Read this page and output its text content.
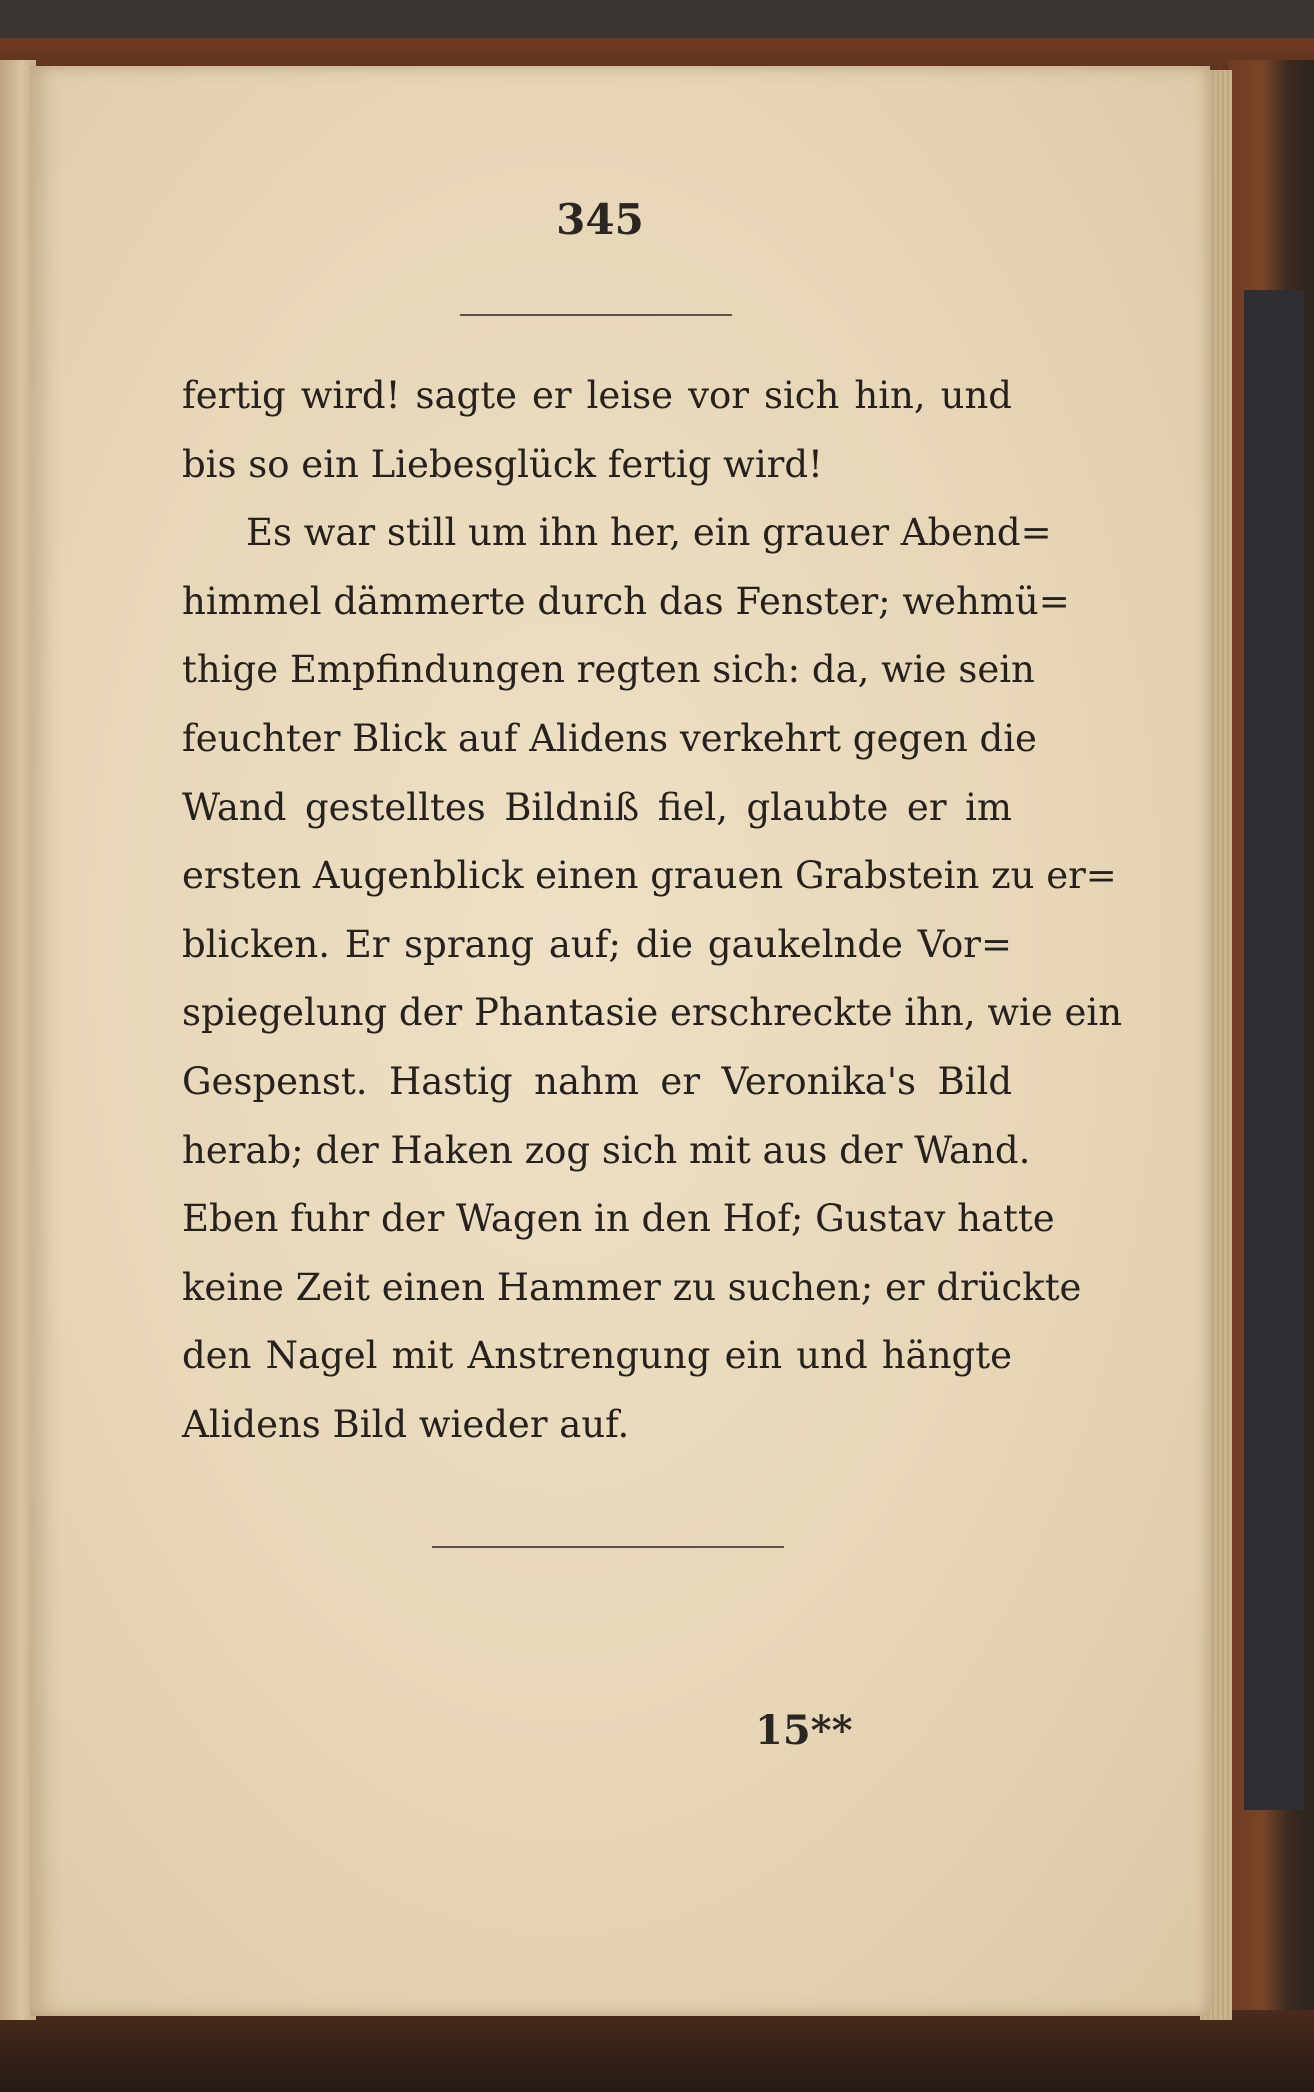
345
fertig wird! sagte er leise vor sich hin, und
bis so ein Liebesglück fertig wird!
Es war still um ihn her, ein grauer Abend=
himmel dämmerte durch das Fenster; wehmü=
thige Empfindungen regten sich: da, wie sein
feuchter Blick auf Alidens verkehrt gegen die
Wand gestelltes Bildniß fiel, glaubte er im
ersten Augenblick einen grauen Grabstein zu er=
blicken. Er sprang auf; die gaukelnde Vor=
spiegelung der Phantasie erschreckte ihn, wie ein
Gespenst. Hastig nahm er Veronika's Bild
herab; der Haken zog sich mit aus der Wand.
Eben fuhr der Wagen in den Hof; Gustav hatte
keine Zeit einen Hammer zu suchen; er drückte
den Nagel mit Anstrengung ein und hängte
Alidens Bild wieder auf.
15**
